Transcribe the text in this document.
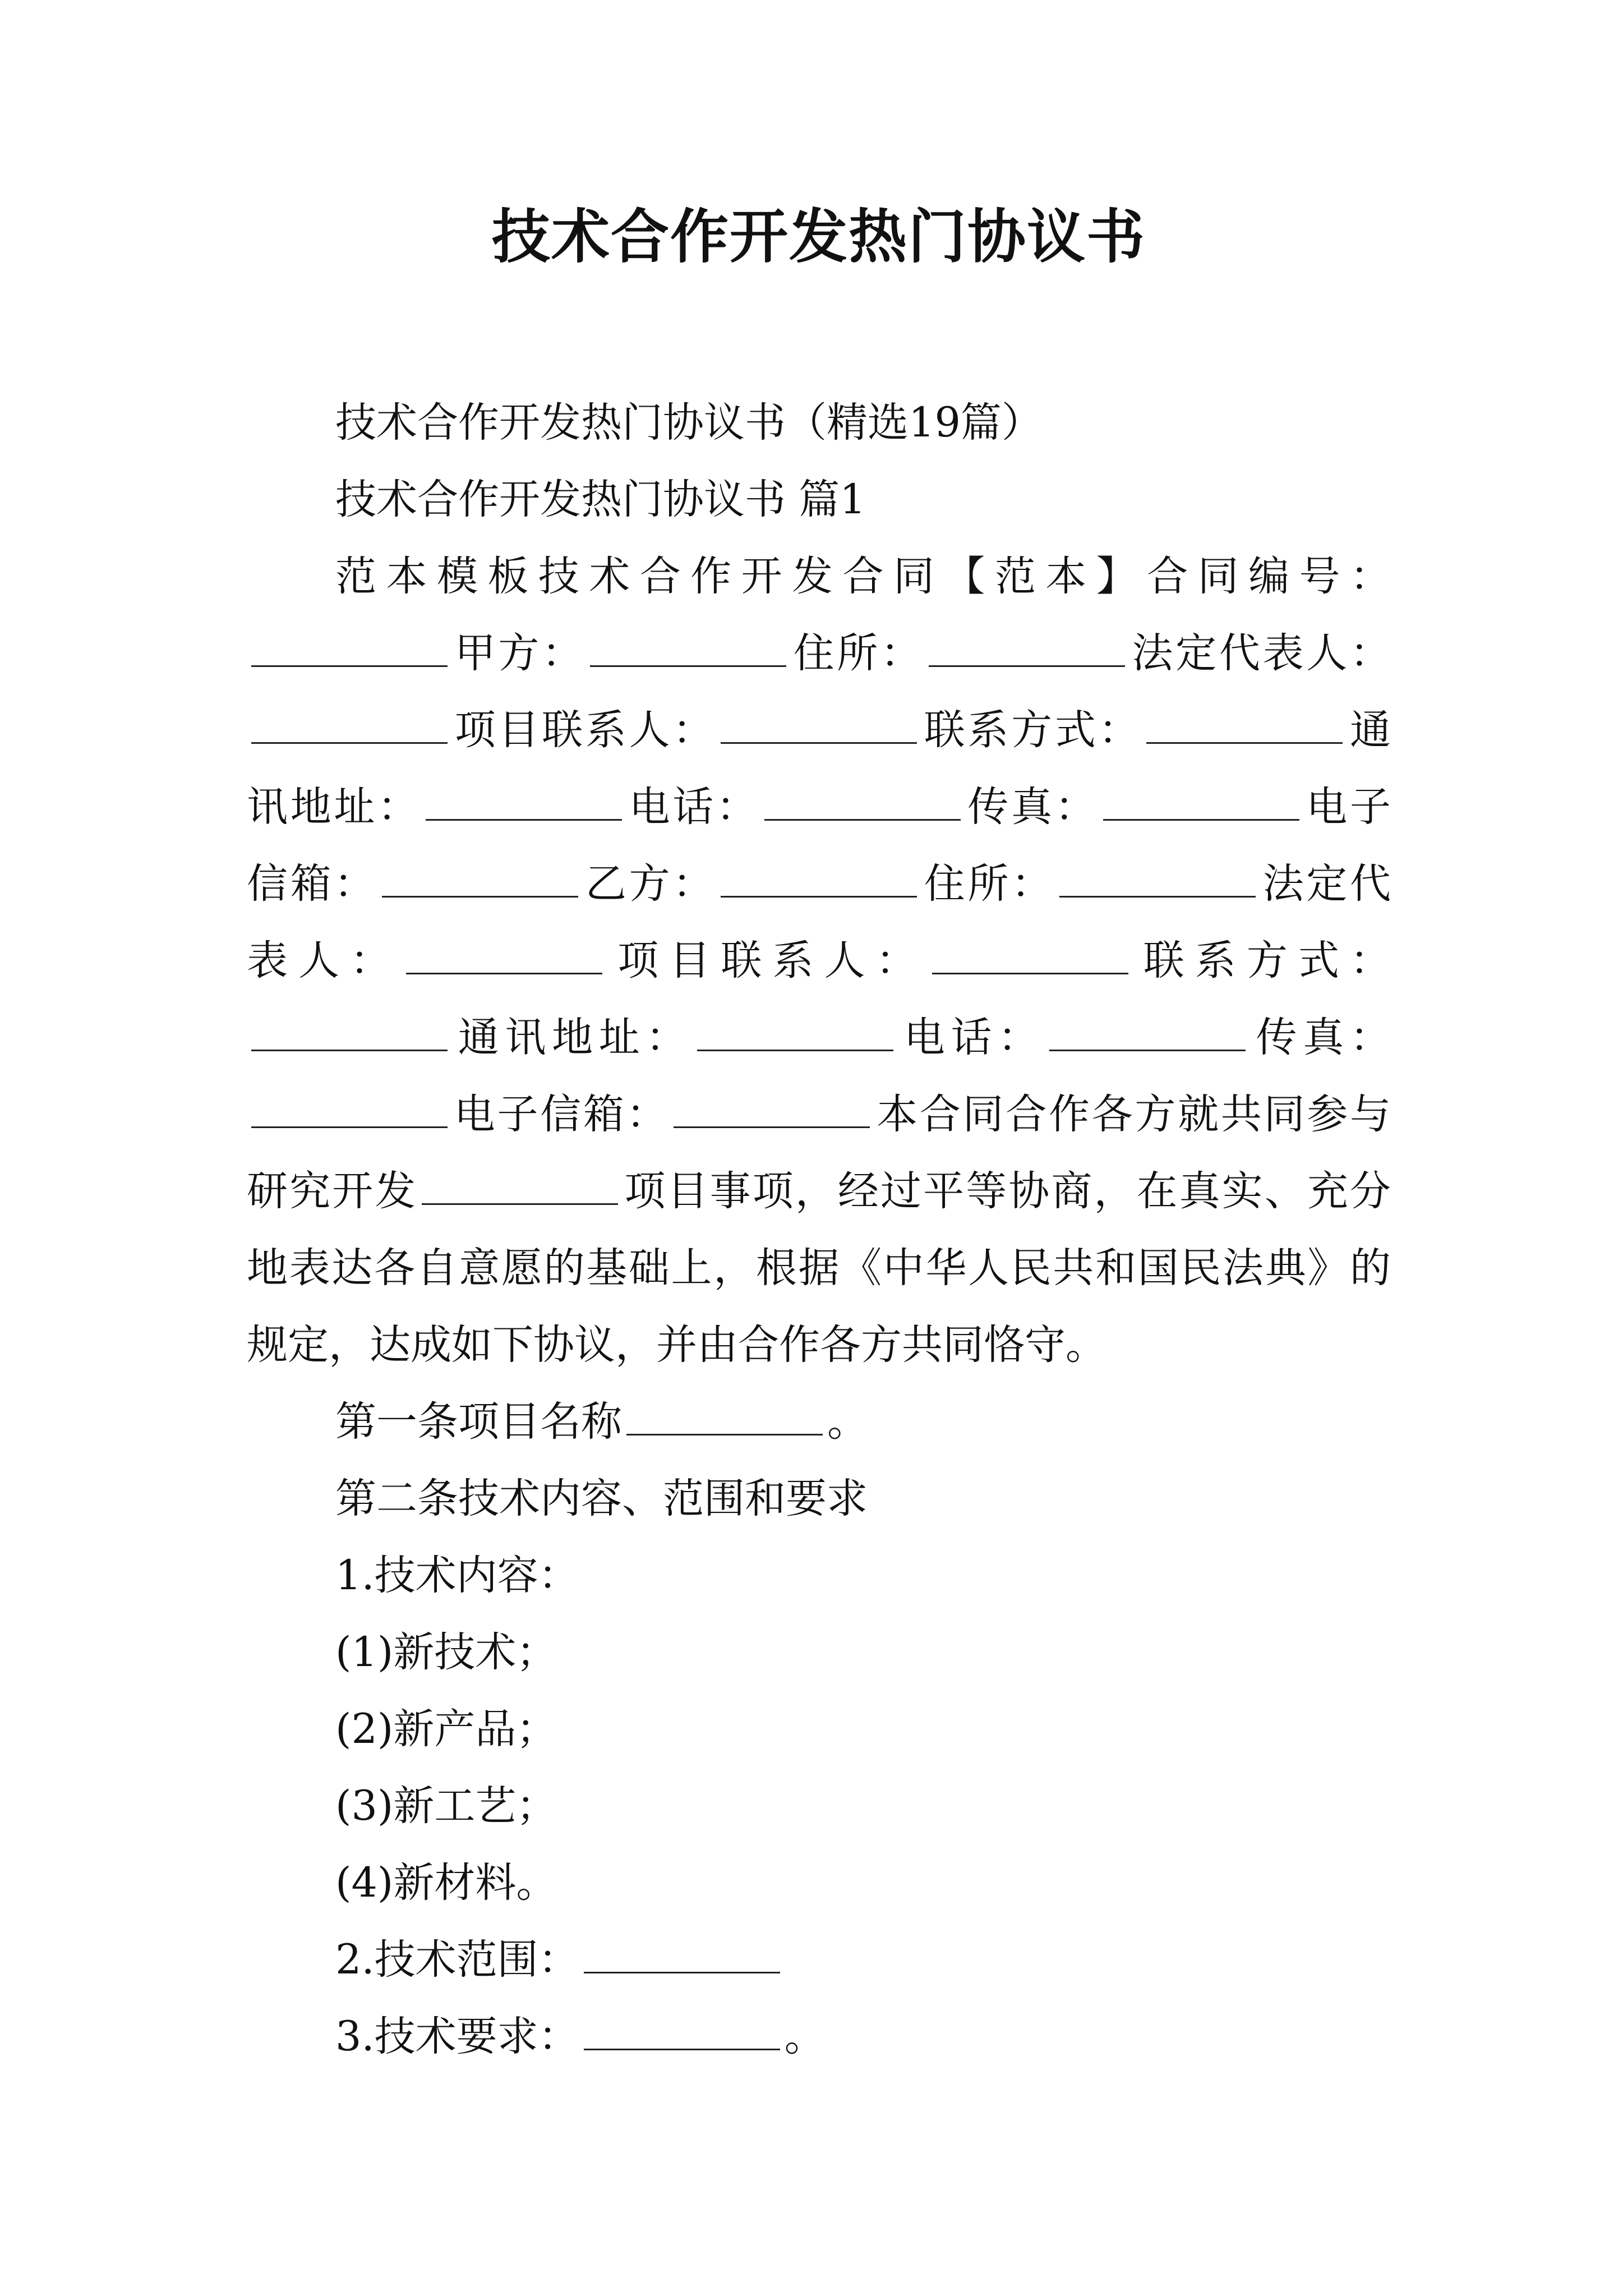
技术合作开发热门协议书

技术合作开发热门协议书（精选19篇）

技术合作开发热门协议书 篇1

范本模板技术合作开发合同【范本】合同编号：甲方：	住所：	法定代表人：项目联系人：	联系方式：	通讯地址：	电话：	传真：	电子信箱：	乙方：	住所：	法定代表人：	项目联系人：	联系方式：通讯地址：	电话：	传真：电子信箱：	本合同合作各方就共同参与研究开发	项目事项，经过平等协商，在真实、充分地表达各自意愿的基础上，根据《中华人民共和国民法典》的规定，达成如下协议，并由合作各方共同恪守。

第一条项目名称	。

第二条技术内容、范围和要求

1.技术内容：

(1)新技术；

(2)新产品；

(3)新工艺；

(4)新材料。

2.技术范围：

3.技术要求：	。
